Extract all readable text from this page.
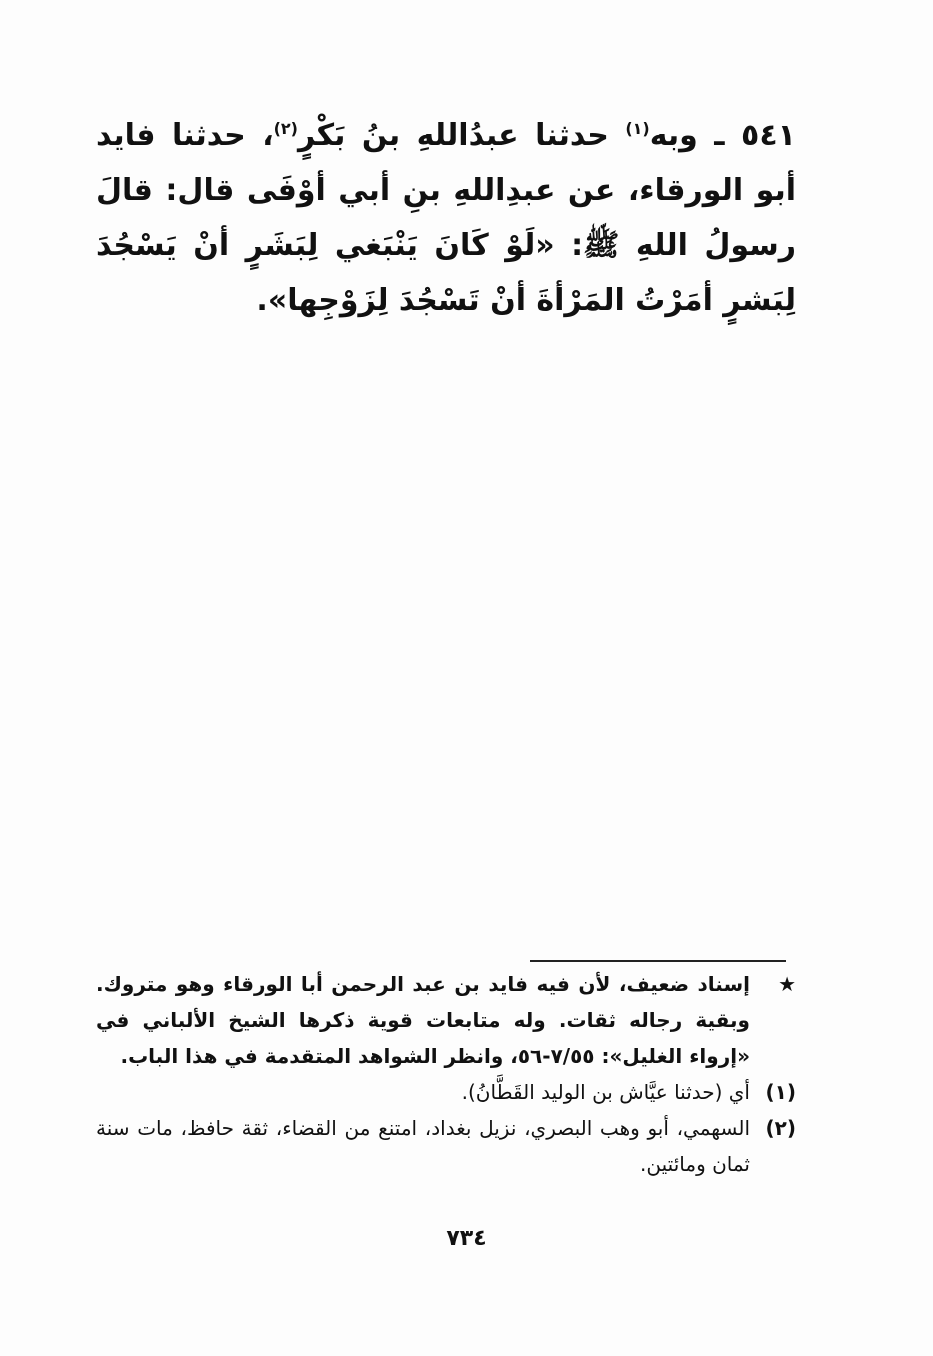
٥٤١ ـ وبه$^{(١)}$ حدثنا عبدُاللهِ بنُ بَكْرٍ$^{(٢)}$، حدثنا فايد أبو الورقاء، عن عبدِاللهِ بنِ أبي أوْفَى قال: قالَ رسولُ اللهِ ﷺ: «لَوْ كَانَ يَنْبَغي لِبَشَرٍ أنْ يَسْجُدَ لِبَشرٍ أمَرْتُ المَرْأةَ أنْ تَسْجُدَ لِزَوْجِها».

★
إسناد ضعيف، لأن فيه فايد بن عبد الرحمن أبا الورقاء وهو متروك. وبقية رجاله ثقات. وله متابعات قوية ذكرها الشيخ الألباني في «إرواء الغليل»: ٧/٥٥-٥٦، وانظر الشواهد المتقدمة في هذا الباب.
(١)
أي (حدثنا عيَّاش بن الوليد القَطَّانُ).
(٢)
السهمي، أبو وهب البصري، نزيل بغداد، امتنع من القضاء، ثقة حافظ، مات سنة ثمان ومائتين.
٧٣٤
